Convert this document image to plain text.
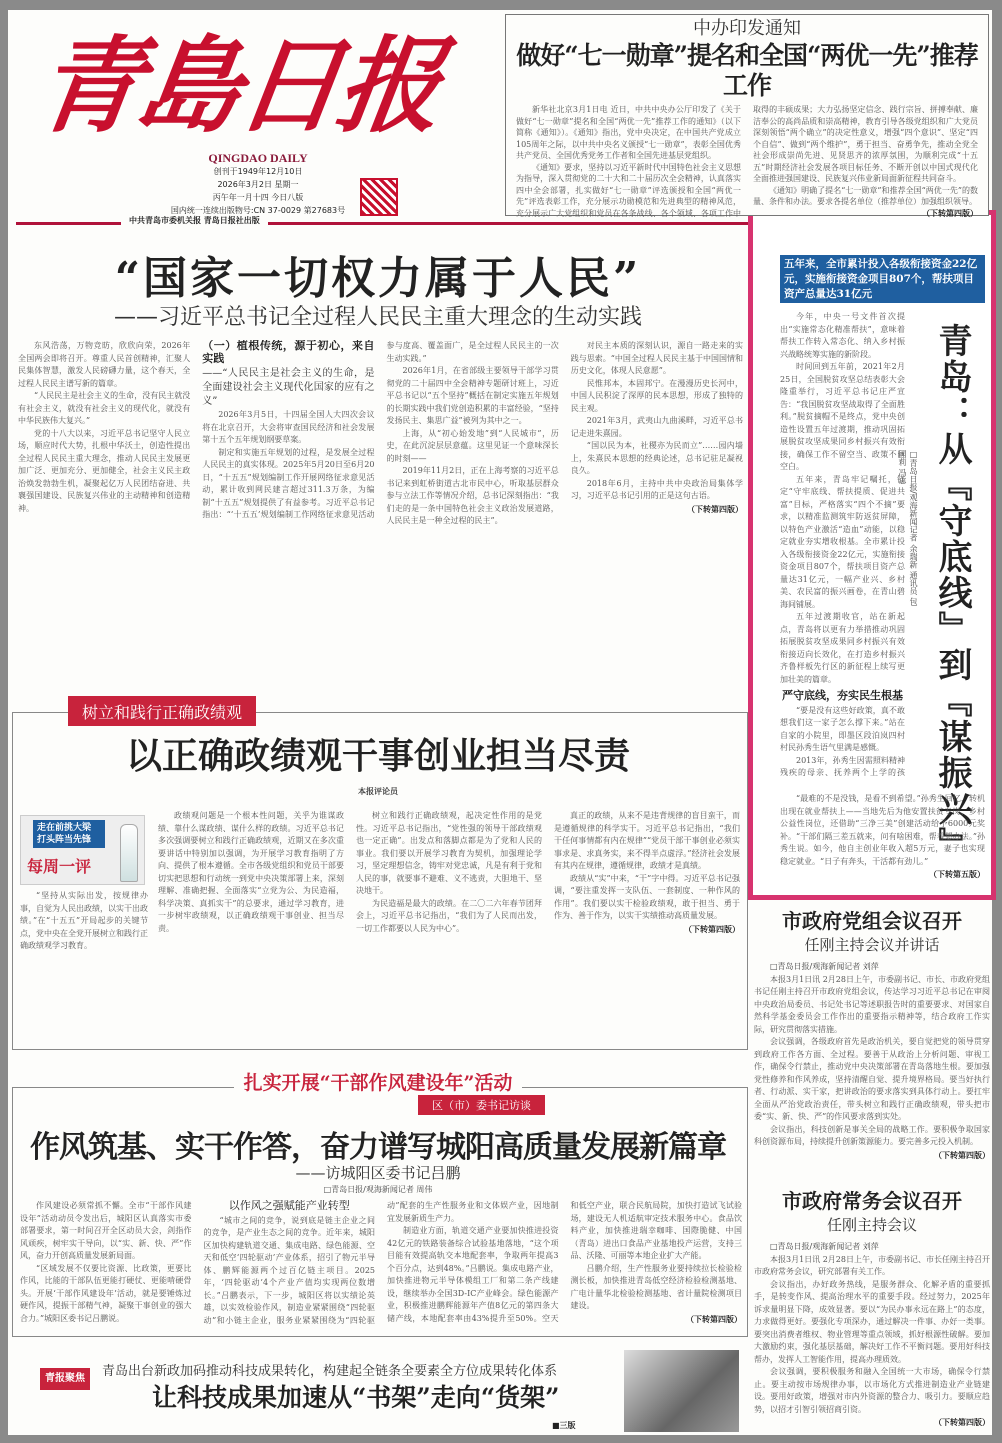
青島日报
QINGDAO DAILY
创刊于1949年12月10日
2026年3月2日 星期一
丙午年一月十四 今日八版
国内统一连续出版物号:CN 37-0029 第27683号
中共青岛市委机关报 青岛日报社出版
中办印发通知
做好“七一勋章”提名和全国“两优一先”推荐工作

新华社北京3月1日电 近日，中共中央办公厅印发了《关于做好“七一勋章”提名和全国“两优一先”推荐工作的通知》（以下简称《通知》）。《通知》指出，党中央决定，在中国共产党成立105周年之际，以中共中央名义颁授“七一勋章”，表彰全国优秀共产党员、全国优秀党务工作者和全国先进基层党组织。

《通知》要求，坚持以习近平新时代中国特色社会主义思想为指导，深入贯彻党的二十大和二十届历次全会精神，认真落实四中全会部署，扎实做好“七一勋章”评选颁授和全国“两优一先”评选表彰工作，充分展示功勋模范和先进典型的精神风范，充分展示广大党组织和党员在各条战线、各个领域、各项工作中取得的丰硕成果；大力弘扬坚定信念、践行宗旨、拼搏奉献、廉洁奉公的高尚品质和崇高精神，教育引导各级党组织和广大党员深刻领悟“两个确立”的决定性意义，增强“四个意识”、坚定“四个自信”、做到“两个维护”，勇于担当、奋勇争先，推动全党全社会形成崇尚先进、见贤思齐的浓厚氛围，为顺利完成“十五五”时期经济社会发展各项目标任务、不断开创以中国式现代化全面推进强国建设、民族复兴伟业新局面新征程共同奋斗。

《通知》明确了提名“七一勋章”和推荐全国“两优一先”的数量、条件和办法。要求各提名单位（推荐单位）加强组织领导。

（下转第四版）
“国家一切权力属于人民”
——习近平总书记全过程人民民主重大理念的生动实践

东风浩荡，万物竞昉，欣欣向荣，2026年全国两会即将召开。尊重人民首创精神，汇聚人民集体智慧，激发人民磅礴力量，这个春天，全过程人民民主谱写新的篇章。

“人民民主是社会主义的生命，没有民主就没有社会主义，就没有社会主义的现代化，就没有中华民族伟大复兴。”

党的十八大以来，习近平总书记坚守人民立场，顺应时代大势，扎根中华沃土，创造性提出全过程人民民主重大理念，推动人民民主发展更加广泛、更加充分、更加健全，社会主义民主政治焕发勃勃生机，凝聚起亿万人民团结奋进、共襄强国建设、民族复兴伟业的主动精神和创造精神。

（一）植根传统，源于初心，来自实践

——“人民民主是社会主义的生命，是全面建设社会主义现代化国家的应有之义”

2026年3月5日，十四届全国人大四次会议将在北京召开，大会将审查国民经济和社会发展第十五个五年规划纲要草案。

制定和实施五年规划的过程，是发展全过程人民民主的真实体现。2025年5月20日至6月20日，“十五五”规划编制工作开展网络征求意见活动，累计收到网民建言超过311.3万条，为编制“十五五”规划提供了有益参考。习近平总书记指出：“‘十五五’规划编制工作网络征求意见活动参与度高、覆盖面广，是全过程人民民主的一次生动实践。”

2026年1月，在省部级主要领导干部学习贯彻党的二十届四中全会精神专题研讨班上，习近平总书记以“五个坚持”概括在制定实施五年规划的长期实践中我们党创造积累的丰富经验，“坚持发扬民主、集思广益”被列为其中之一。

上海，从“初心始发地”到“人民城市”，历史，在此沉淀层层意蕴。这里见证一个意味深长的时刻——

2019年11月2日，正在上海考察的习近平总书记来到虹桥街道古北市民中心，听取基层群众参与立法工作等情况介绍，总书记深刻指出：“我们走的是一条中国特色社会主义政治发展道路，人民民主是一种全过程的民主”。

对民主本质的深刻认识，源自一路走来的实践与思索。“中国全过程人民民主基于中国国情和历史文化，体现人民意愿”。

民惟邦本，本固邦宁。在漫漫历史长河中，中国人民积淀了深厚的民本思想，形成了独特的民主观。

2021年3月，武夷山九曲溪畔，习近平总书记走进朱熹园。

“国以民为本，社稷亦为民而立”……园内墙上，朱熹民本思想的经典论述，总书记驻足凝视良久。

2018年6月，主持中共中央政治局集体学习，习近平总书记引用的正是这句古语。

（下转第四版）
五年来，全市累计投入各级衔接资金22亿元，实施衔接资金项目807个，帮扶项目资产总量达31亿元
青岛：从『守底线』到『谋振兴』
□青岛日报/观海新闻记者 余瑞新 通讯员 包国莉 冯志

今年，中央一号文件首次提出“实施常态化精准帮扶”，意味着帮扶工作转入常态化、纳入乡村振兴战略统筹实施的新阶段。

时间回到五年前，2021年2月25日，全国脱贫攻坚总结表彰大会隆重举行，习近平总书记庄严宣告：“我国脱贫攻坚战取得了全面胜利。”脱贫摘帽不是终点，党中央创造性设置五年过渡期，推动巩固拓展脱贫攻坚成果同乡村振兴有效衔接，确保工作不留空当、政策不留空白。

五年来，青岛牢记嘱托，锚定“守牢底线、帮扶提质、促进共富”目标，严格落实“四个不摘”要求，以精准监测筑牢防返贫屏障，以特色产业激活“造血”动能，以稳定就业夯实增收根基。全市累计投入各级衔接资金22亿元，实施衔接资金项目807个，帮扶项目资产总量达31亿元，一幅产业兴、乡村美、农民富的振兴画卷，在青山碧海间铺展。

五年过渡期收官，站在新起点，青岛将以更有力举措推动巩固拓展脱贫攻坚成果同乡村振兴有效衔接迈向长效化，在打造乡村振兴齐鲁样板先行区的新征程上续写更加壮美的篇章。

严守底线，夯实民生根基

“要是没有这些好政策，真不敢想我们这一家子怎么撑下来。”站在自家的小院里，即墨区段泊岚四村村民孙秀生语气里满是感慨。

2013年，孙秀生因需照料精神残疾的母亲、抚养两个上学的孩

“最难的不是没钱，是看不到希望。”孙秀生回忆，转机出现在就业帮扶上——当地先后为他安置扶贫专岗、乡村公益性岗位，还借助“三净三美”创建活动给予6000元奖补。“干部们隔三差五就来，问有啥困难，帮着想办法。”孙秀生说。如今，他自主创业年收入超5万元，妻子也实现稳定就业。“日子有奔头，干活都有劲儿。”

（下转第五版）
树立和践行正确政绩观
以正确政绩观干事创业担当尽责
本报评论员
走在前挑大梁
打头阵当先锋
每周一评

“坚持从实际出发，按规律办事，自觉为人民出政绩，以实干出政绩。”在“十五五”开局起步的关键节点，党中央在全党开展树立和践行正确政绩观学习教育。

政绩观问题是一个根本性问题，关乎为谁谋政绩、靠什么谋政绩、谋什么样的政绩。习近平总书记多次强调要树立和践行正确政绩观，近期又在多次重要讲话中特别加以强调，为开展学习教育指明了方向、提供了根本遵循。全市各级党组织和党员干部要切实把思想和行动统一到党中央决策部署上来，深刻理解、准确把握、全面落实“立党为公、为民造福，科学决策、真抓实干”的总要求，通过学习教育，进一步树牢政绩观，以正确政绩观干事创业、担当尽责。

树立和践行正确政绩观，起决定性作用的是党性。习近平总书记指出，“党性强的领导干部政绩观也一定正确”。出发点和落脚点都是为了党和人民的事业。我们要以开展学习教育为契机，加强理论学习，坚定理想信念，铸牢对党忠诚，凡是有利于党和人民的事，就要事不避难、义不逃责，大胆地干、坚决地干。

为民造福是最大的政绩。在二〇二六年春节团拜会上，习近平总书记指出，“我们为了人民而出发，一切工作都要以人民为中心”。

真正的政绩，从来不是违背规律的盲目蛮干，而是遵循规律的科学实干。习近平总书记指出，“我们干任何事情都有内在规律”“党员干部干事创业必须实事求是、求真务实，来不得半点虚浮。”经济社会发展有其内在规律，遵循规律，政绩才是真绩。

政绩从“实”中来，“干”字中得。习近平总书记强调，“要注重发挥一支队伍、一套制度、一种作风的作用”。我们要以实干检验政绩观，敢于担当、勇于作为、善于作为，以实干实绩推动高质量发展。

（下转第四版）
扎实开展“干部作风建设年”活动
区（市）委书记访谈
作风筑基、实干作答，奋力谱写城阳高质量发展新篇章
——访城阳区委书记吕鹏
□青岛日报/观海新闻记者 周伟

作风建设必须常抓不懈。全市“干部作风建设年”活动动员令发出后，城阳区认真落实市委部署要求，第一时间召开全区动员大会，剑指作风顽疾，树牢实干导向，以“实、新、快、严”作风，奋力开创高质量发展新局面。

“区域发展不仅要比资源、比政策，更要比作风，比能的干部队伍更能打硬仗、更能啃硬骨头。开展‘干部作风建设年’活动，就是要锤炼过硬作风，提振干部精气神，凝聚干事创业的强大合力。”城阳区委书记吕鹏说。

以作风之强赋能产业转型

“城市之间的竞争，说到底是链主企业之间的竞争，是产业生态之间的竞争。近年来，城阳区加快构建轨道交通、集成电路、绿色能源、空天和低空‘四轮驱动’产业体系，招引了物元半导体、鹏辉能源两个过百亿链主项目。2025年，‘四轮驱动’4个产业产值均实现两位数增长。”吕鹏表示，下一步，城阳区将以实绩论英雄，以实效检验作风，制造业紧紧围绕“四轮驱动”和小链主企业，服务业紧紧围绕为“四轮驱动”配套的生产性服务业和文体娱产业，因地制宜发展新质生产力。

制造业方面，轨道交通产业要加快推进投资42亿元的铁路装备综合试验基地落地，“这个项目能有效提高轨交本地配套率，争取两年提高3个百分点，达到48%。”吕鹏说。集成电路产业，加快推进物元半导体模组工厂和第二条产线建设，继续举办全国3D-IC产业峰会。绿色能源产业，积极推进鹏辉能源年产值8亿元的第四条大储产线，本地配套率由43%提升至50%。空天和低空产业，联合民航局院，加快打造试飞试验场，建设无人机适航审定技术服务中心。食品饮料产业，加快推进瑞幸咖啡、国際脆健、中国（青岛）进出口食品产业基地投产运营，支持三品、沃隆、可丽等本地企业扩大产能。

吕鹏介绍，生产性服务业要持续拉长检验检测长板，加快推进青岛低空经济检验检测基地、广电计量华北检验检测基地、省计量院检测项目建设。

（下转第四版）
市政府党组会议召开
任刚主持会议并讲话

□青岛日报/观海新闻记者 刘萍

本报3月1日讯 2月28日上午，市委副书记、市长、市政府党组书记任刚主持召开市政府党组会议，传达学习习近平总书记在审阅中央政治局委员、书记处书记等述职报告时的重要要求、对国家自然科学基金委员会工作作出的重要指示精神等，结合政府工作实际，研究贯彻落实措施。

会议强调，各级政府首先是政治机关，要自觉把党的领导贯穿到政府工作各方面、全过程。要善于从政治上分析问题、审视工作，确保令行禁止，推动党中央决策部署在青岛落地生根。要加强党性修养和作风养成，坚持清醒自觉、提升境界格局。要当好执行者、行动派、实干家，把讲政治的要求落实到具体行动上。要扛牢全面从严治党政治责任，带头树立和践行正确政绩观，带头把市委“实、新、快、严”的作风要求落到实处。

会议指出，科技创新是事关全局的战略工作。要积极争取国家科创资源布局，持续提升创新策源能力。要完善多元投入机制。

（下转第四版）
市政府常务会议召开
任刚主持会议

□青岛日报/观海新闻记者 刘萍

本报3月1日讯 2月28日上午，市委副书记、市长任刚主持召开市政府常务会议，研究部署有关工作。

会议指出，办好政务热线，是服务群众、化解矛盾的重要抓手，是转变作风、提高治理水平的重要手段。经过努力，2025年诉求量明显下降，成效显著。要以“为民办事永远在路上”的态度，力求做得更好。要强化专项深办，通过解决一件事、办好一类事。要突出消费者维权、物业管理等重点领域，抓好根源性破解。要加大激励约束，强化基层基础，解决好工作不平衡问题。要用好科技帮办，发挥人工智能作用，提高办理质效。

会议强调，要积极服务和融入全国统一大市场，确保令行禁止。要主动按市场规律办事，以市场化方式推进制造业产业链建设。要用好政策，增强对市内外资源的整合力、吸引力。要顺应趋势，以招才引智引领招商引资。

（下转第四版）
青报聚焦	青岛出台新政加码推动科技成果转化，构建起全链条全要素全方位成果转化体系
让科技成果加速从“书架”走向“货架”
■三版
